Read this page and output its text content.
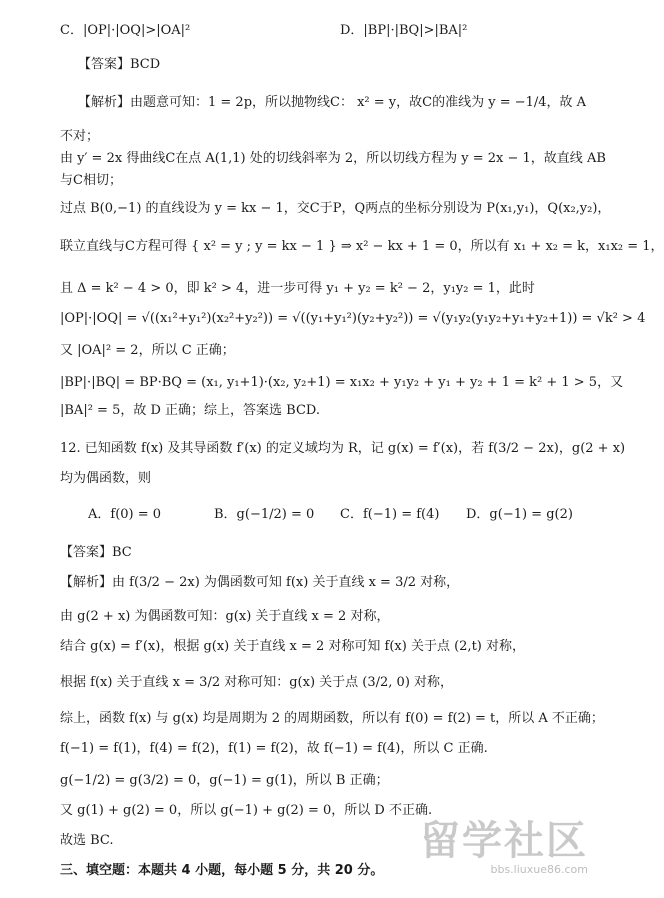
C．|OP|·|OQ|>|OA|²	D．|BP|·|BQ|>|BA|²
【答案】BCD
【解析】由题意可知：1 = 2p，所以抛物线C： x² = y，故C的准线为 y = −1/4，故 A
不对；
由 y′ = 2x 得曲线C在点 A(1,1) 处的切线斜率为 2，所以切线方程为 y = 2x − 1，故直线 AB
与C相切；
过点 B(0,−1) 的直线设为 y = kx − 1，交C于P，Q两点的坐标分别设为 P(x₁,y₁)，Q(x₂,y₂)，
联立直线与C方程可得 { x² = y ; y = kx − 1 } ⇒ x² − kx + 1 = 0，所以有 x₁ + x₂ = k，x₁x₂ = 1，
且 Δ = k² − 4 > 0，即 k² > 4，进一步可得 y₁ + y₂ = k² − 2，y₁y₂ = 1，此时
|OP|·|OQ| = √((x₁²+y₁²)(x₂²+y₂²)) = √((y₁+y₁²)(y₂+y₂²)) = √(y₁y₂(y₁y₂+y₁+y₂+1)) = √k² > 4
又 |OA|² = 2，所以 C 正确；
|BP|·|BQ| = BP·BQ = (x₁, y₁+1)·(x₂, y₂+1) = x₁x₂ + y₁y₂ + y₁ + y₂ + 1 = k² + 1 > 5，又
|BA|² = 5，故 D 正确；综上，答案选 BCD.
12. 已知函数 f(x) 及其导函数 f′(x) 的定义域均为 R，记 g(x) = f′(x)，若 f(3/2 − 2x)，g(2 + x)
均为偶函数，则
A．f(0) = 0	B．g(−1/2) = 0 C．f(−1) = f(4) D．g(−1) = g(2)
【答案】BC
【解析】由 f(3/2 − 2x) 为偶函数可知 f(x) 关于直线 x = 3/2 对称，
由 g(2 + x) 为偶函数可知：g(x) 关于直线 x = 2 对称，
结合 g(x) = f′(x)，根据 g(x) 关于直线 x = 2 对称可知 f(x) 关于点 (2,t) 对称，
根据 f(x) 关于直线 x = 3/2 对称可知：g(x) 关于点 (3/2, 0) 对称，
综上，函数 f(x) 与 g(x) 均是周期为 2 的周期函数，所以有 f(0) = f(2) = t，所以 A 不正确；
f(−1) = f(1)，f(4) = f(2)，f(1) = f(2)，故 f(−1) = f(4)，所以 C 正确.
g(−1/2) = g(3/2) = 0，g(−1) = g(1)，所以 B 正确；
又 g(1) + g(2) = 0，所以 g(−1) + g(2) = 0，所以 D 不正确.
故选 BC.
三、填空题：本题共 4 小题，每小题 5 分，共 20 分。
留学社区
bbs.liuxue86.com
